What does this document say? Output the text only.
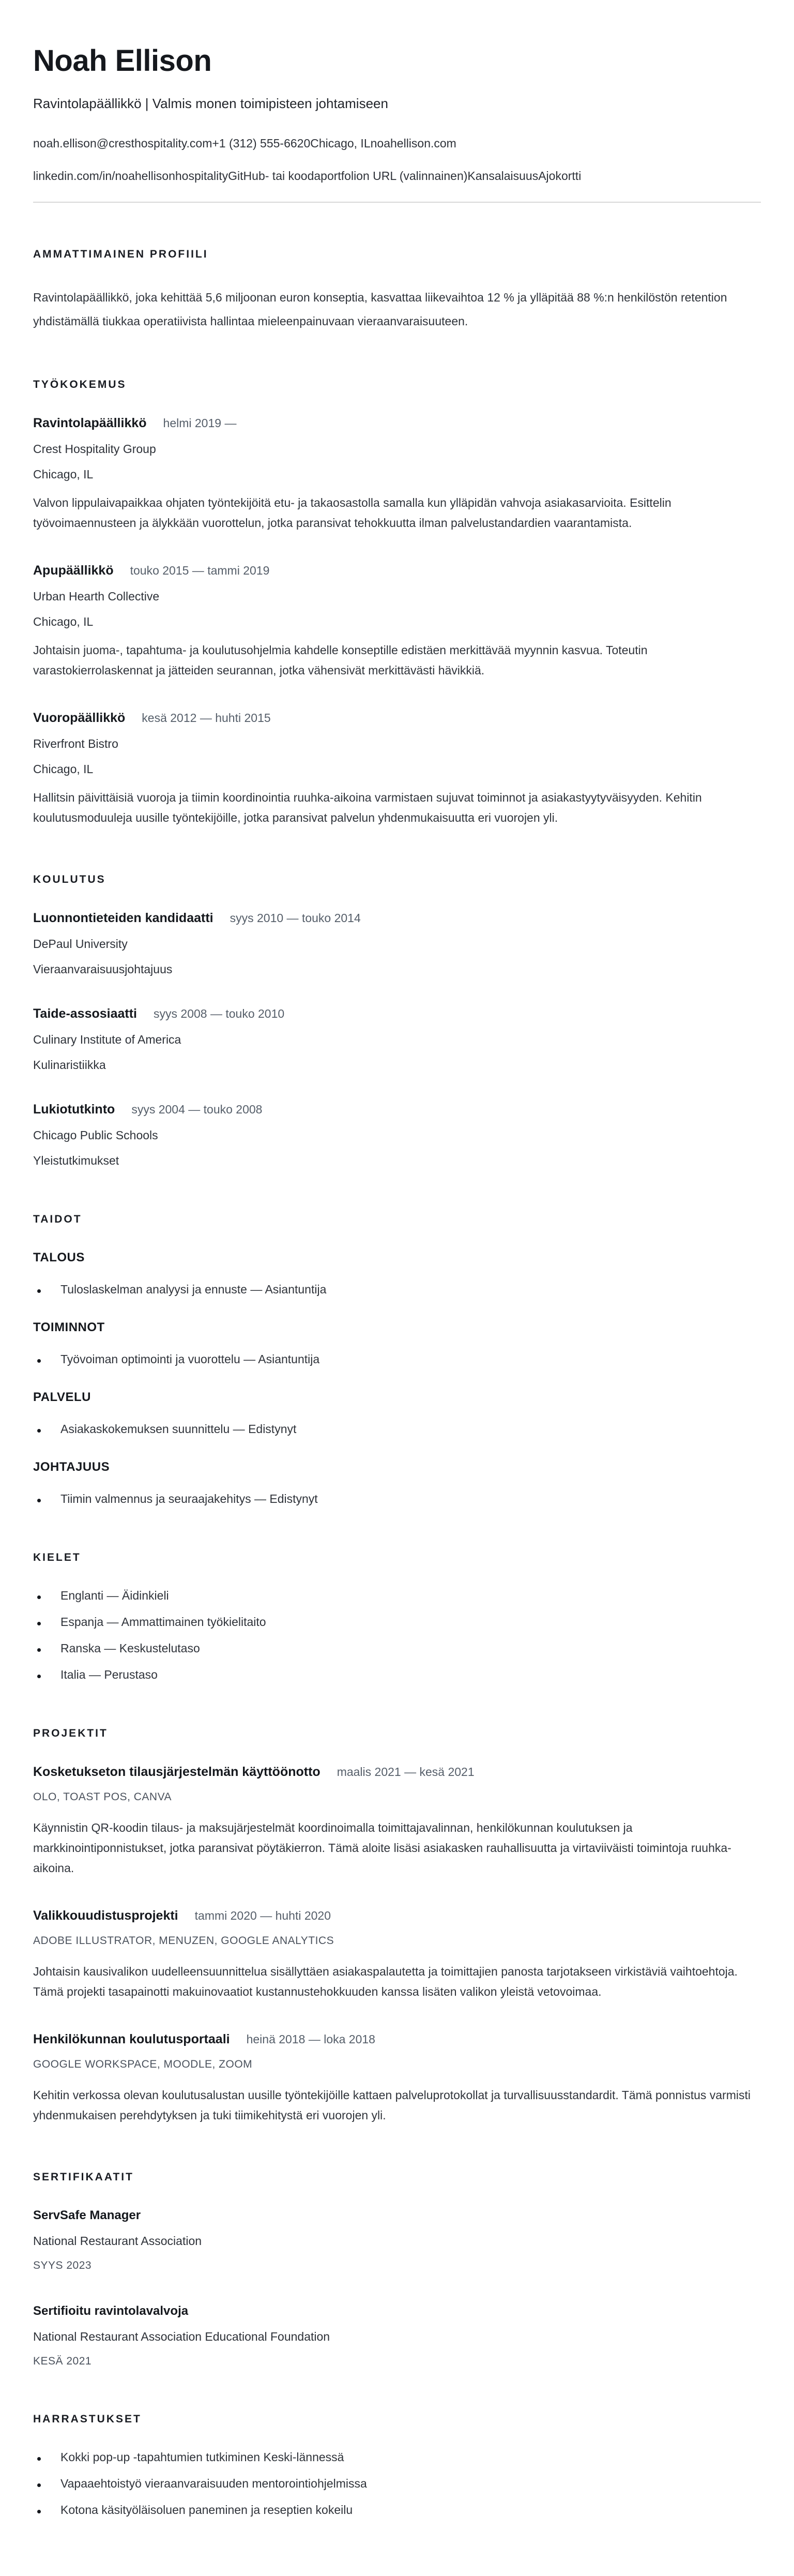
Noah Ellison
Ravintolapäällikkö | Valmis monen toimipisteen johtamiseen
noah.ellison@cresthospitality.com+1 (312) 555-6620Chicago, ILnoahellison.com
linkedin.com/in/noahellisonhospitalityGitHub- tai koodaportfolion URL (valinnainen)KansalaisuusAjokortti
AMMATTIMAINEN PROFIILI

Ravintolapäällikkö, joka kehittää 5,6 miljoonan euron konseptia, kasvattaa liikevaihtoa 12 % ja ylläpitää 88 %:n henkilöstön retention yhdistämällä tiukkaa operatiivista hallintaa mieleenpainuvaan vieraanvaraisuuteen.

TYÖKOKEMUS
Ravintolapäällikkö helmi 2019 —
Crest Hospitality Group
Chicago, IL

Valvon lippulaivapaikkaa ohjaten työntekijöitä etu- ja takaosastolla samalla kun ylläpidän vahvoja asiakasarvioita. Esittelin työvoimaennusteen ja älykkään vuorottelun, jotka paransivat tehokkuutta ilman palvelustandardien vaarantamista.

Apupäällikkö touko 2015 — tammi 2019
Urban Hearth Collective
Chicago, IL

Johtaisin juoma-, tapahtuma- ja koulutusohjelmia kahdelle konseptille edistäen merkittävää myynnin kasvua. Toteutin varastokierrolaskennat ja jätteiden seurannan, jotka vähensivät merkittävästi hävikkiä.

Vuoropäällikkö kesä 2012 — huhti 2015
Riverfront Bistro
Chicago, IL

Hallitsin päivittäisiä vuoroja ja tiimin koordinointia ruuhka-aikoina varmistaen sujuvat toiminnot ja asiakastyytyväisyyden. Kehitin koulutusmoduuleja uusille työntekijöille, jotka paransivat palvelun yhdenmukaisuutta eri vuorojen yli.

KOULUTUS
Luonnontieteiden kandidaatti syys 2010 — touko 2014
DePaul University
Vieraanvaraisuusjohtajuus
Taide-assosiaatti syys 2008 — touko 2010
Culinary Institute of America
Kulinaristiikka
Lukiotutkinto syys 2004 — touko 2008
Chicago Public Schools
Yleistutkimukset
TAIDOT
TALOUS
Tuloslaskelman analyysi ja ennuste — Asiantuntija
TOIMINNOT
Työvoiman optimointi ja vuorottelu — Asiantuntija
PALVELU
Asiakaskokemuksen suunnittelu — Edistynyt
JOHTAJUUS
Tiimin valmennus ja seuraajakehitys — Edistynyt
KIELET
Englanti — Äidinkieli
Espanja — Ammattimainen työkielitaito
Ranska — Keskustelutaso
Italia — Perustaso
PROJEKTIT
Kosketukseton tilausjärjestelmän käyttöönotto maalis 2021 — kesä 2021
OLO, TOAST POS, CANVA

Käynnistin QR-koodin tilaus- ja maksujärjestelmät koordinoimalla toimittajavalinnan, henkilökunnan koulutuksen ja markkinointiponnistukset, jotka paransivat pöytäkierron. Tämä aloite lisäsi asiakasken rauhallisuutta ja virtaviiväisti toimintoja ruuhka-aikoina.

Valikkouudistusprojekti tammi 2020 — huhti 2020
ADOBE ILLUSTRATOR, MENUZEN, GOOGLE ANALYTICS

Johtaisin kausivalikon uudelleensuunnittelua sisällyttäen asiakaspalautetta ja toimittajien panosta tarjotakseen virkistäviä vaihtoehtoja. Tämä projekti tasapainotti makuinovaatiot kustannustehokkuuden kanssa lisäten valikon yleistä vetovoimaa.

Henkilökunnan koulutusportaali heinä 2018 — loka 2018
GOOGLE WORKSPACE, MOODLE, ZOOM

Kehitin verkossa olevan koulutusalustan uusille työntekijöille kattaen palveluprotokollat ja turvallisuusstandardit. Tämä ponnistus varmisti yhdenmukaisen perehdytyksen ja tuki tiimikehitystä eri vuorojen yli.

SERTIFIKAATIT
ServSafe Manager
National Restaurant Association
SYYS 2023
Sertifioitu ravintolavalvoja
National Restaurant Association Educational Foundation
KESÄ 2021
HARRASTUKSET
Kokki pop-up -tapahtumien tutkiminen Keski-lännessä
Vapaaehtoistyö vieraanvaraisuuden mentorointiohjelmissa
Kotona käsityöläisoluen paneminen ja reseptien kokeilu
